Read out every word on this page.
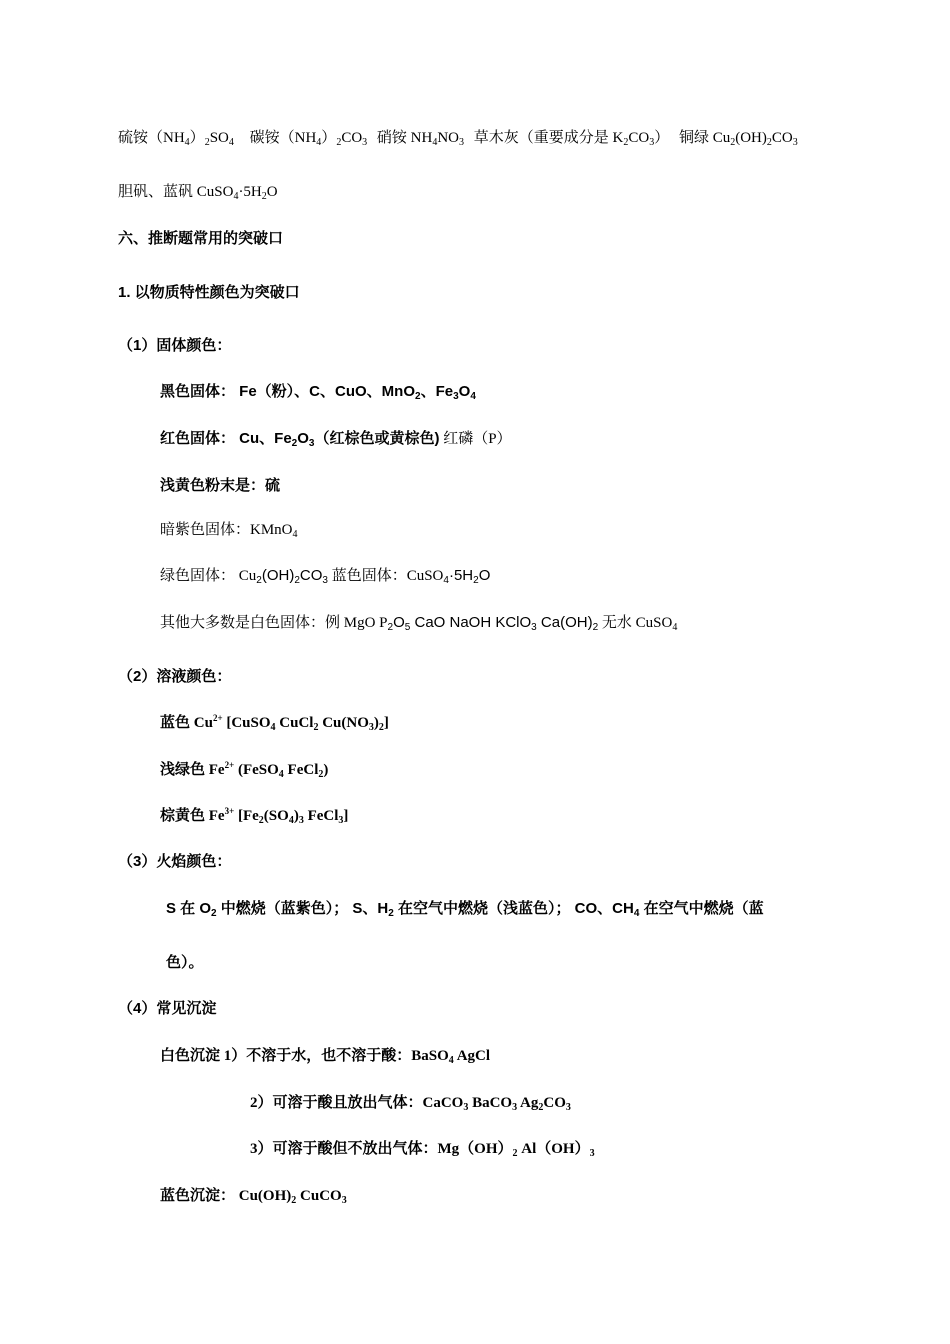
硫铵$(NH_4)_2SO_4$ 碳铵$(NH_4)_2CO_3$ 硝铵 $NH_4NO_3$ 草木灰（重要成分是 $K_2CO_3$） 铜绿 $Cu_2(OH)_2CO_3$
胆矾、蓝矾 $CuSO_4\cdot 5H_2O$
六、推断题常用的突破口
1. 以物质特性颜色为突破口
（1）固体颜色：
黑色固体： Fe（粉）、C、CuO、MnO$_2$、$Fe_3O_4$
红色固体： Cu、$Fe_2O_3$（红棕色或黄棕色) 红磷（P）
浅黄色粉末是：硫
暗紫色固体：KMnO$_4$
绿色固体： $Cu_2(OH)_2CO_3$ 蓝色固体：$CuSO_4\cdot 5H_2O$
其他大多数是白色固体：例 MgO $P_2O_5$ CaO NaOH KClO$_3$ $Ca(OH)_2$ 无水 CuSO$_4$
（2）溶液颜色：
蓝色 $Cu^{2+}$ [CuSO$_4$ CuCl$_2$ $Cu(NO_3)_2$]
浅绿色 $Fe^{2+}$ (FeSO$_4$ FeCl$_2$)
棕黄色 $Fe^{3+}$ [$Fe_2(SO_4)_3$ FeCl$_3$]
（3）火焰颜色：
S 在 $O_2$ 中燃烧（蓝紫色）； S、$H_2$ 在空气中燃烧（浅蓝色）； CO、$CH_4$ 在空气中燃烧（蓝
色）。
（4）常见沉淀
白色沉淀 1）不溶于水，也不溶于酸：BaSO$_4$ AgCl
2）可溶于酸且放出气体：CaCO$_3$ BaCO$_3$ $Ag_2CO_3$
3）可溶于酸但不放出气体：$Mg(OH)_2$ $Al(OH)_3$
蓝色沉淀： $Cu(OH)_2$ CuCO$_3$
